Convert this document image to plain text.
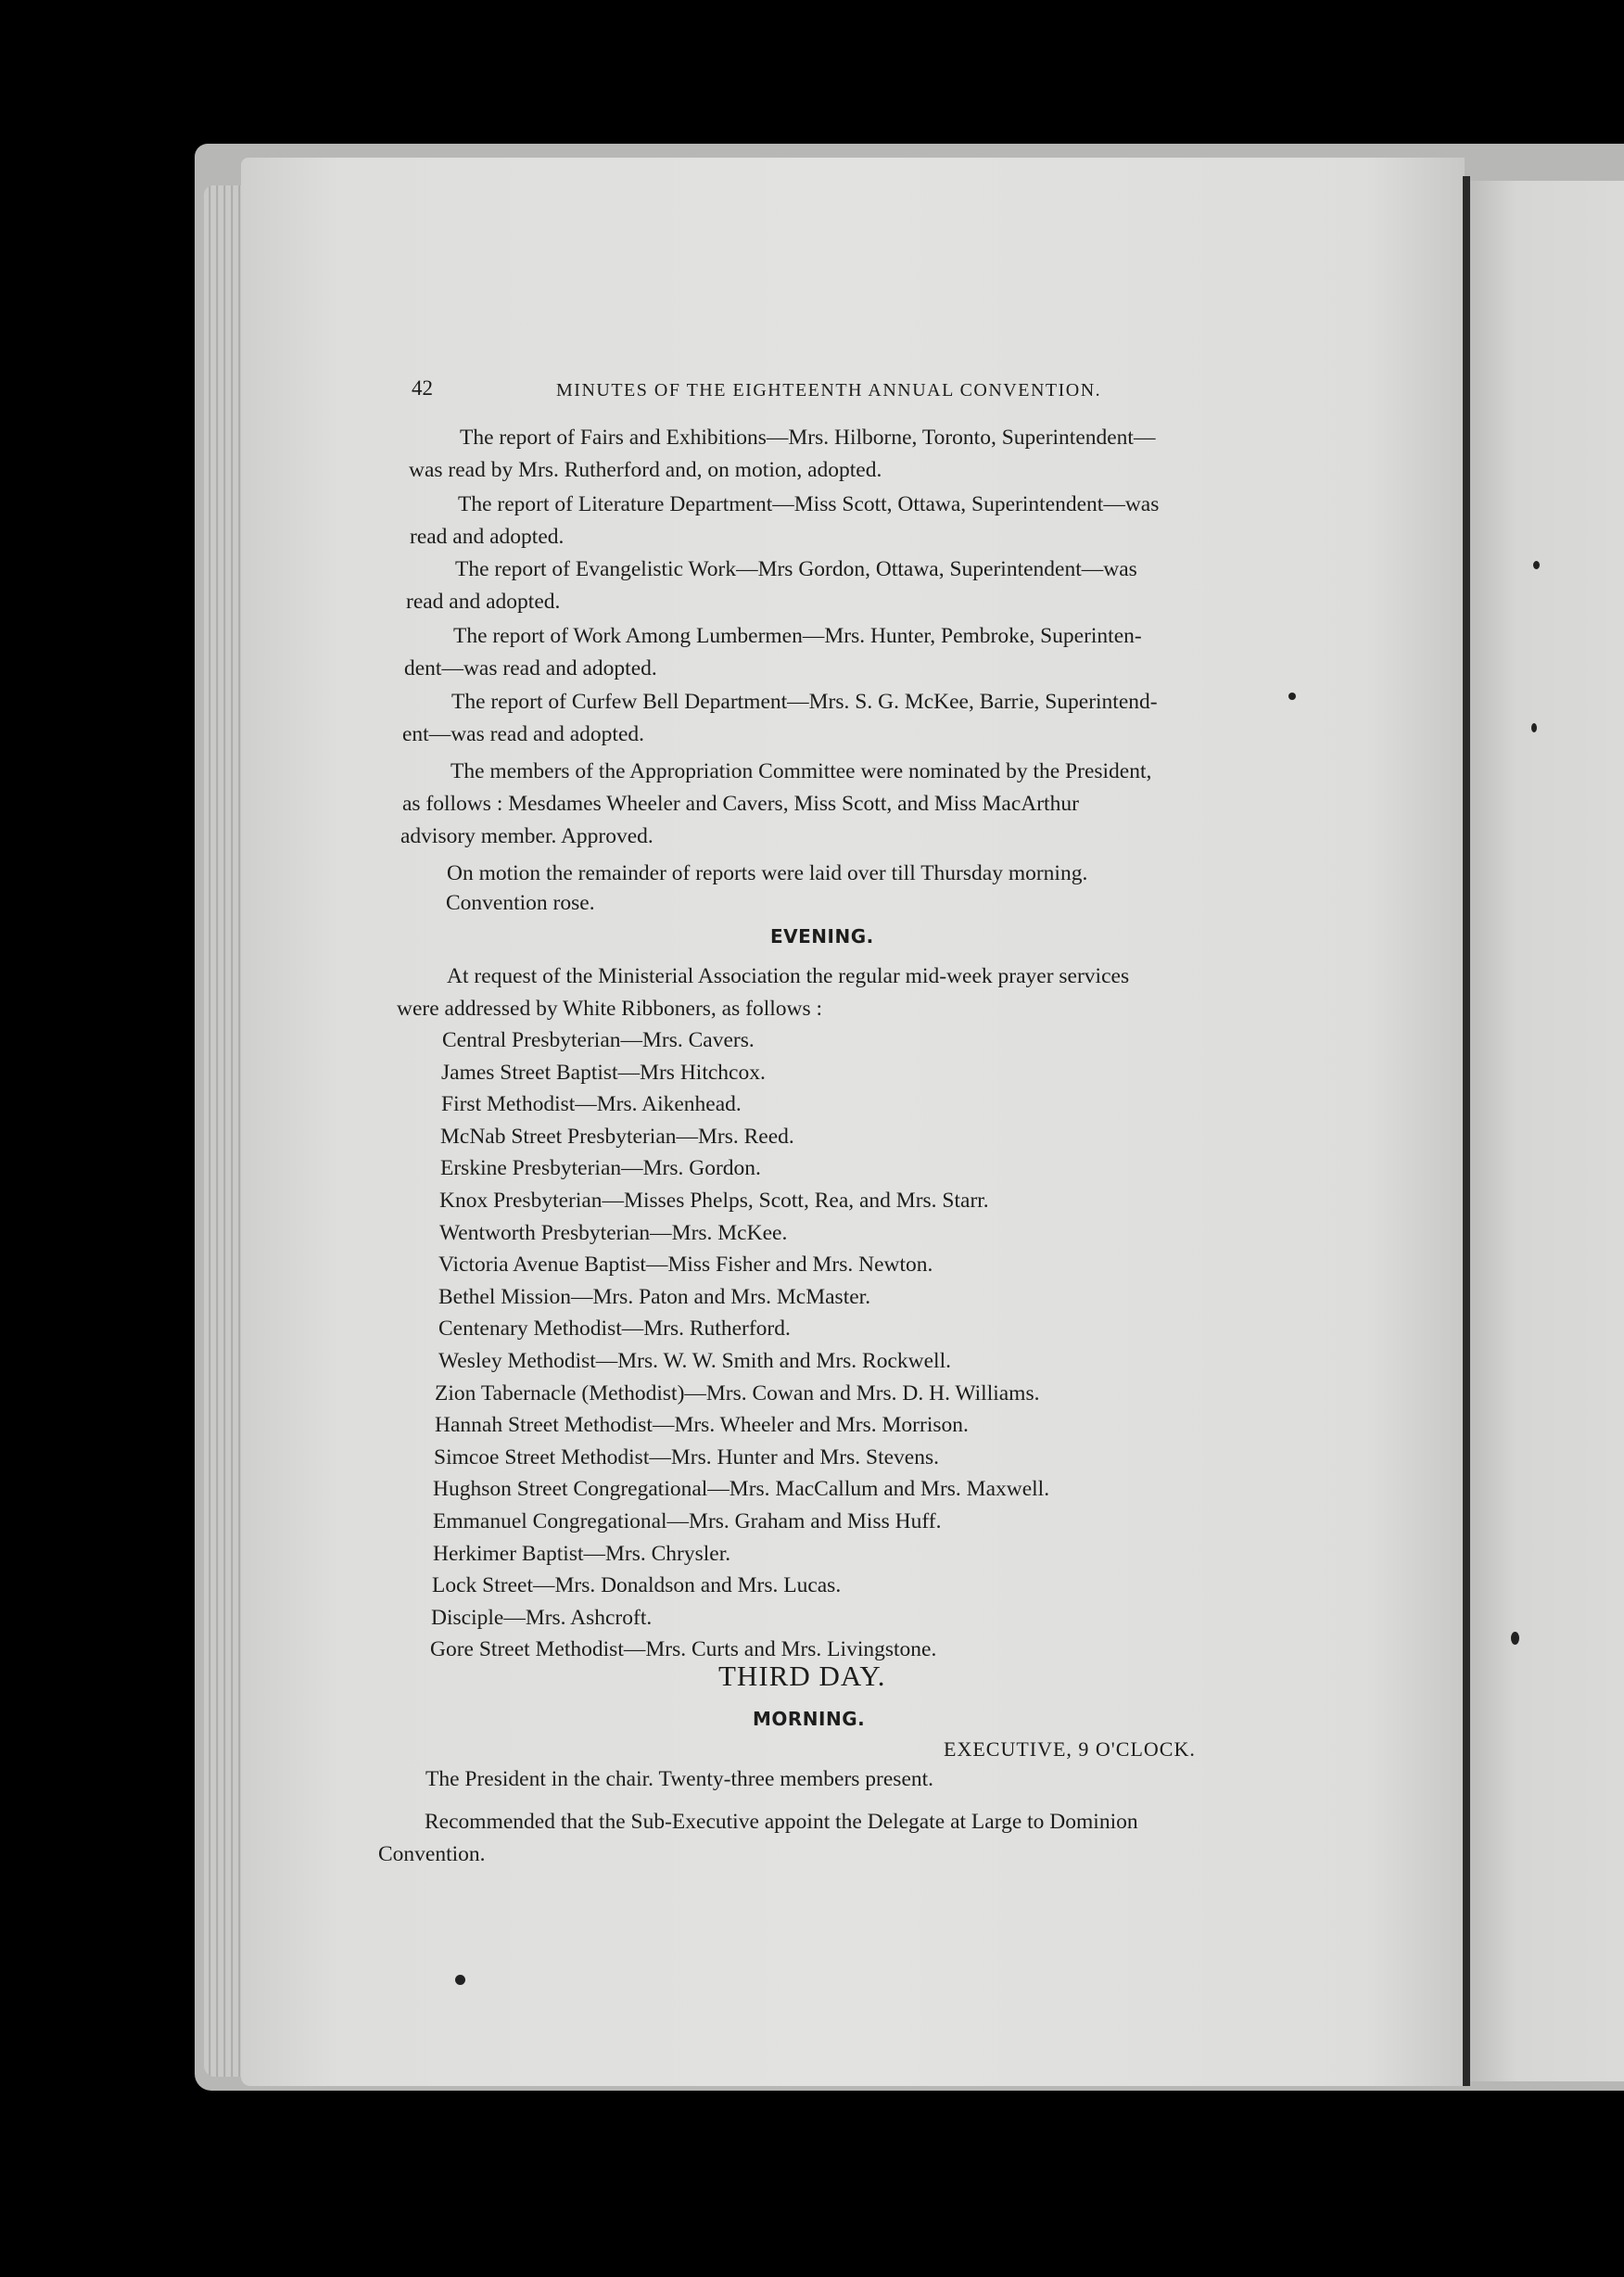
42	MINUTES OF THE EIGHTEENTH ANNUAL CONVENTION.
The report of Fairs and Exhibitions—Mrs. Hilborne, Toronto, Superintendent—
was read by Mrs. Rutherford and, on motion, adopted.
The report of Literature Department—Miss Scott, Ottawa, Superintendent—was
read and adopted.
The report of Evangelistic Work—Mrs Gordon, Ottawa, Superintendent—was
read and adopted.
The report of Work Among Lumbermen—Mrs. Hunter, Pembroke, Superinten-
dent—was read and adopted.
The report of Curfew Bell Department—Mrs. S. G. McKee, Barrie, Superintend-
ent—was read and adopted.
The members of the Appropriation Committee were nominated by the President,
as follows : Mesdames Wheeler and Cavers, Miss Scott, and Miss MacArthur
advisory member. Approved.
On motion the remainder of reports were laid over till Thursday morning.
Convention rose.
EVENING.
At request of the Ministerial Association the regular mid-week prayer services
were addressed by White Ribboners, as follows :
Central Presbyterian—Mrs. Cavers.
James Street Baptist—Mrs Hitchcox.
First Methodist—Mrs. Aikenhead.
McNab Street Presbyterian—Mrs. Reed.
Erskine Presbyterian—Mrs. Gordon.
Knox Presbyterian—Misses Phelps, Scott, Rea, and Mrs. Starr.
Wentworth Presbyterian—Mrs. McKee.
Victoria Avenue Baptist—Miss Fisher and Mrs. Newton.
Bethel Mission—Mrs. Paton and Mrs. McMaster.
Centenary Methodist—Mrs. Rutherford.
Wesley Methodist—Mrs. W. W. Smith and Mrs. Rockwell.
Zion Tabernacle (Methodist)—Mrs. Cowan and Mrs. D. H. Williams.
Hannah Street Methodist—Mrs. Wheeler and Mrs. Morrison.
Simcoe Street Methodist—Mrs. Hunter and Mrs. Stevens.
Hughson Street Congregational—Mrs. MacCallum and Mrs. Maxwell.
Emmanuel Congregational—Mrs. Graham and Miss Huff.
Herkimer Baptist—Mrs. Chrysler.
Lock Street—Mrs. Donaldson and Mrs. Lucas.
Disciple—Mrs. Ashcroft.
Gore Street Methodist—Mrs. Curts and Mrs. Livingstone.
THIRD DAY.
MORNING.
EXECUTIVE, 9 O'CLOCK.
The President in the chair. Twenty-three members present.
Recommended that the Sub-Executive appoint the Delegate at Large to Dominion
Convention.
